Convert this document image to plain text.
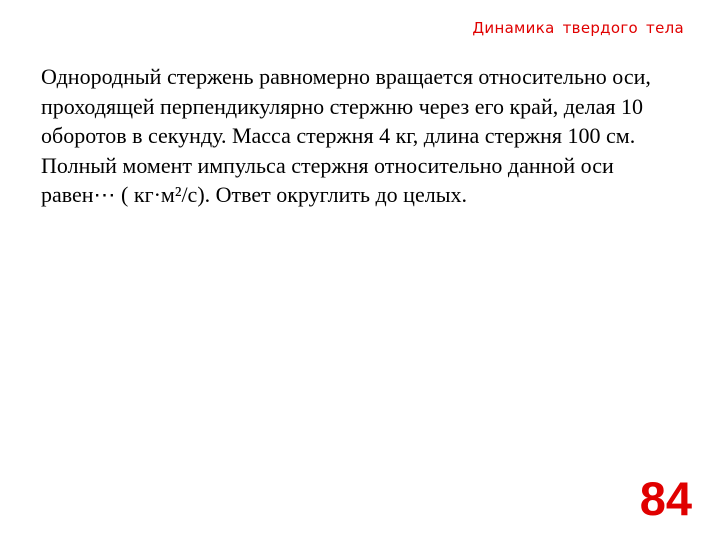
Динамика твердого тела

Однородный стержень равномерно вращается относительно оси, проходящей перпендикулярно стержню через его край, делая 10 оборотов в секунду. Масса стержня 4 кг, длина стержня 100 см. Полный момент импульса стержня относительно данной оси равен⋯ ( кг·м²/с). Ответ округлить до целых.

84
